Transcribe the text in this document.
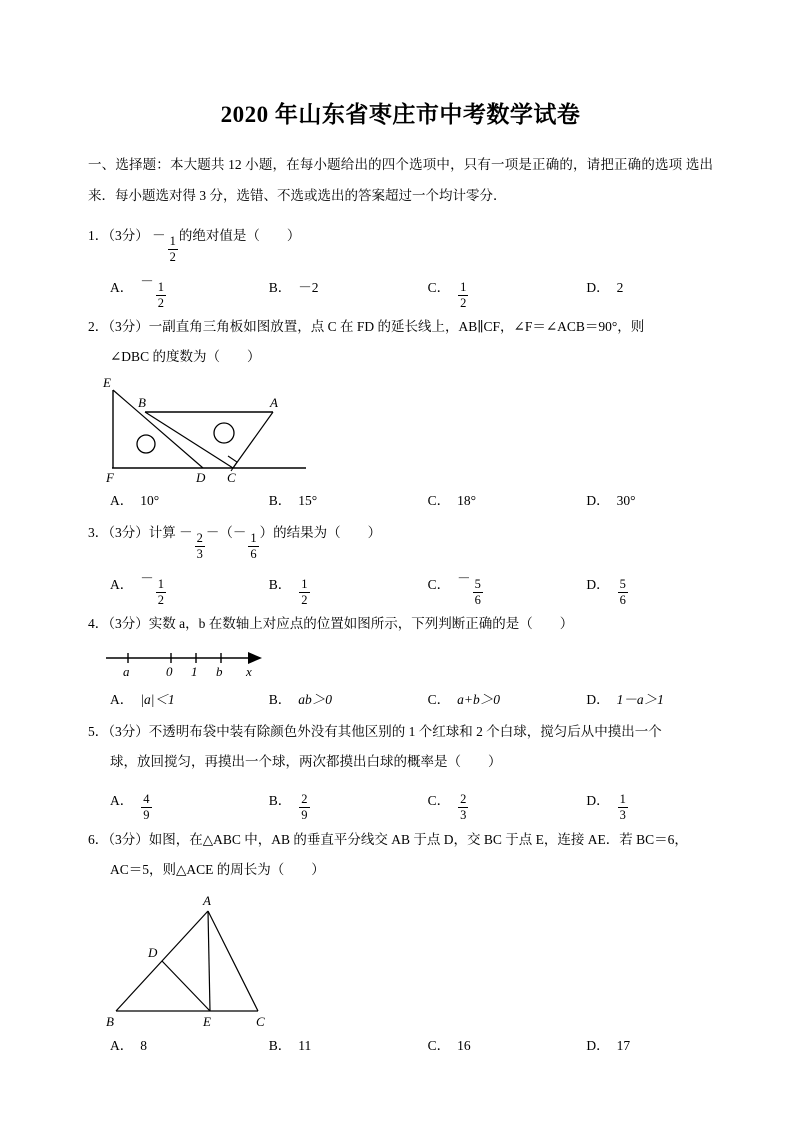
2020 年山东省枣庄市中考数学试卷
一、选择题：本大题共 12 小题，在每小题给出的四个选项中，只有一项是正确的，请把正确的选项 选出来．每小题选对得 3 分，选错、不选或选出的答案超过一个均计零分．
1．（3分） － $\frac{1}{2}$ 的绝对值是（　　）
A． － $\frac{1}{2}$	B． －2	C． $\frac{1}{2}$	D． 2
2．（3分）一副直角三角板如图放置，点 C 在 FD 的延长线上，AB∥CF，∠F＝∠ACB＝90°，则
∠DBC 的度数为（　　）
E
B	A
F	D C
A． 10°	B． 15°	C． 18°	D． 30°
3．（3分）计算 － $\frac{2}{3}$ －（－ $\frac{1}{6}$ ）的结果为（　　）
A． － $\frac{1}{2}$	B． $\frac{1}{2}$	C． － $\frac{5}{6}$	D． $\frac{5}{6}$
4．（3分）实数 a，b 在数轴上对应点的位置如图所示，下列判断正确的是（　　）
a	0 1 b x
A． |a|＜1	B． ab＞0	C． a+b＞0	D． 1－a＞1
5．（3分）不透明布袋中装有除颜色外没有其他区别的 1 个红球和 2 个白球，搅匀后从中摸出一个
球，放回搅匀，再摸出一个球，两次都摸出白球的概率是（　　）
A． $\frac{4}{9}$	B． $\frac{2}{9}$	C． $\frac{2}{3}$	D． $\frac{1}{3}$
6．（3分）如图，在△ABC 中，AB 的垂直平分线交 AB 于点 D，交 BC 于点 E，连接 AE．若 BC＝6，
AC＝5，则△ACE 的周长为（　　）
A
D
B	E	C
A． 8	B． 11	C． 16	D． 17
